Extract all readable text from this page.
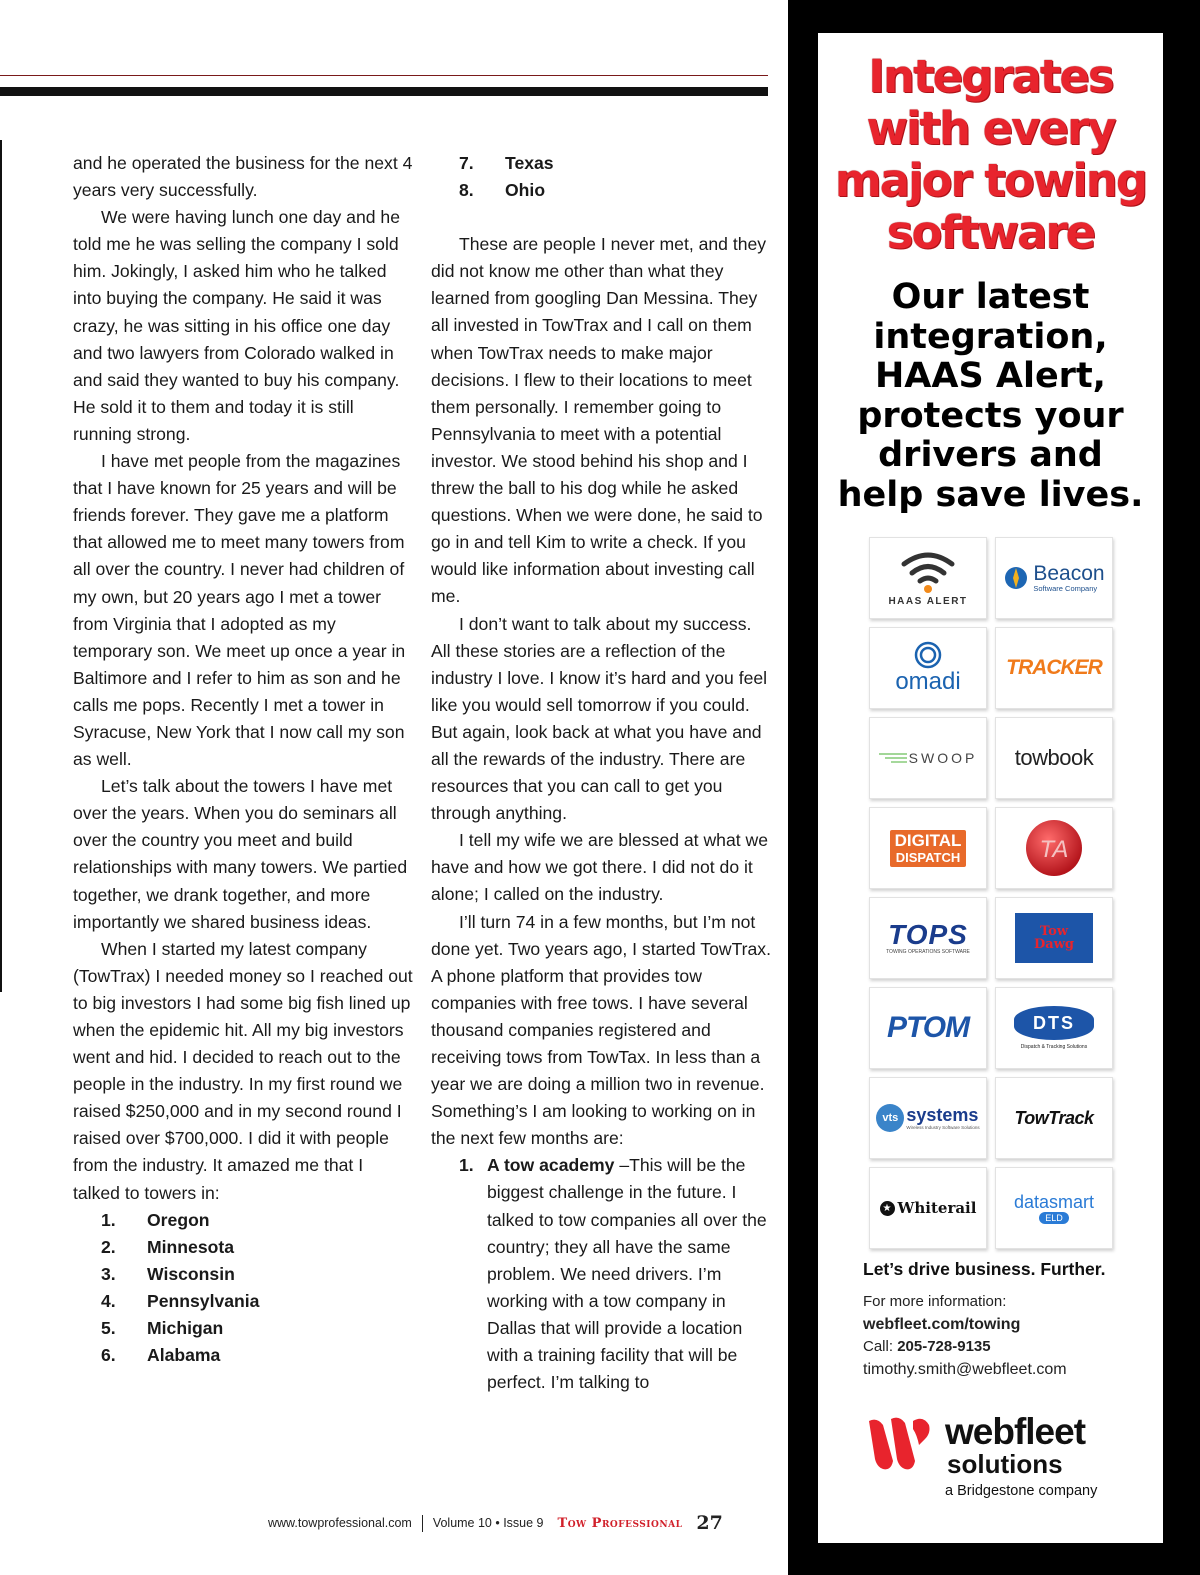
and he operated the business for the next 4 years very successfully.

We were having lunch one day and he told me he was selling the company I sold him. Jokingly, I asked him who he talked into buying the company. He said it was crazy, he was sitting in his office one day and two lawyers from Colorado walked in and said they wanted to buy his company. He sold it to them and today it is still running strong.

I have met people from the magazines that I have known for 25 years and will be friends forever. They gave me a platform that allowed me to meet many towers from all over the country. I never had children of my own, but 20 years ago I met a tower from Virginia that I adopted as my temporary son. We meet up once a year in Baltimore and I refer to him as son and he calls me pops. Recently I met a tower in Syracuse, New York that I now call my son as well.

Let’s talk about the towers I have met over the years. When you do seminars all over the country you meet and build relationships with many towers. We partied together, we drank together, and more importantly we shared business ideas.

When I started my latest company (TowTrax) I needed money so I reached out to big investors I had some big fish lined up when the epidemic hit. All my big investors went and hid. I decided to reach out to the people in the industry. In my first round we raised $250,000 and in my second round I raised over $700,000. I did it with people from the industry. It amazed me that I talked to towers in:

1.	Oregon
2.	Minnesota
3.	Wisconsin
4.	Pennsylvania
5.	Michigan
6.	Alabama
7.	Texas
8.	Ohio

These are people I never met, and they did not know me other than what they learned from googling Dan Messina. They all invested in TowTrax and I call on them when TowTrax needs to make major decisions. I flew to their locations to meet them personally. I remember going to Pennsylvania to meet with a potential investor. We stood behind his shop and I threw the ball to his dog while he asked questions. When we were done, he said to go in and tell Kim to write a check. If you would like information about investing call me.

I don’t want to talk about my success. All these stories are a reflection of the industry I love. I know it’s hard and you feel like you would sell tomorrow if you could. But again, look back at what you have and all the rewards of the industry. There are resources that you can call to get you through anything.

I tell my wife we are blessed at what we have and how we got there. I did not do it alone; I called on the industry.

I’ll turn 74 in a few months, but I’m not done yet. Two years ago, I started TowTrax. A phone platform that provides tow companies with free tows. I have several thousand companies registered and receiving tows from TowTax. In less than a year we are doing a million two in revenue. Something’s I am looking to working on in the next few months are:

1. A tow academy –This will be the biggest challenge in the future. I talked to tow companies all over the country; they all have the same problem. We need drivers. I’m working with a tow company in Dallas that will provide a location with a training facility that will be perfect. I’m talking to
www.towprofessional.com Volume 10 • Issue 9 Tow Professional 27
Integrates
with every
major towing
software
Our latest
integration,
HAAS Alert,
protects your
drivers and
help save lives.
HAAS ALERT
Beacon
Software Company
omadi
TRACKER
SWOOP towbook
DIGITAL
DISPATCH	TA
TOPS
TOWING OPERATIONS SOFTWARE
Tow
Dawg
PTOM	DTS
Dispatch & Tracking Solutions
vts systems
Wireless Industry Software Solutions TowTrack
★ Whiterail datasmart
ELD
Let’s drive business. Further.
For more information:
webfleet.com/towing
Call: 205-728-9135
timothy.smith@webfleet.com
webfleet
solutions
a Bridgestone company
